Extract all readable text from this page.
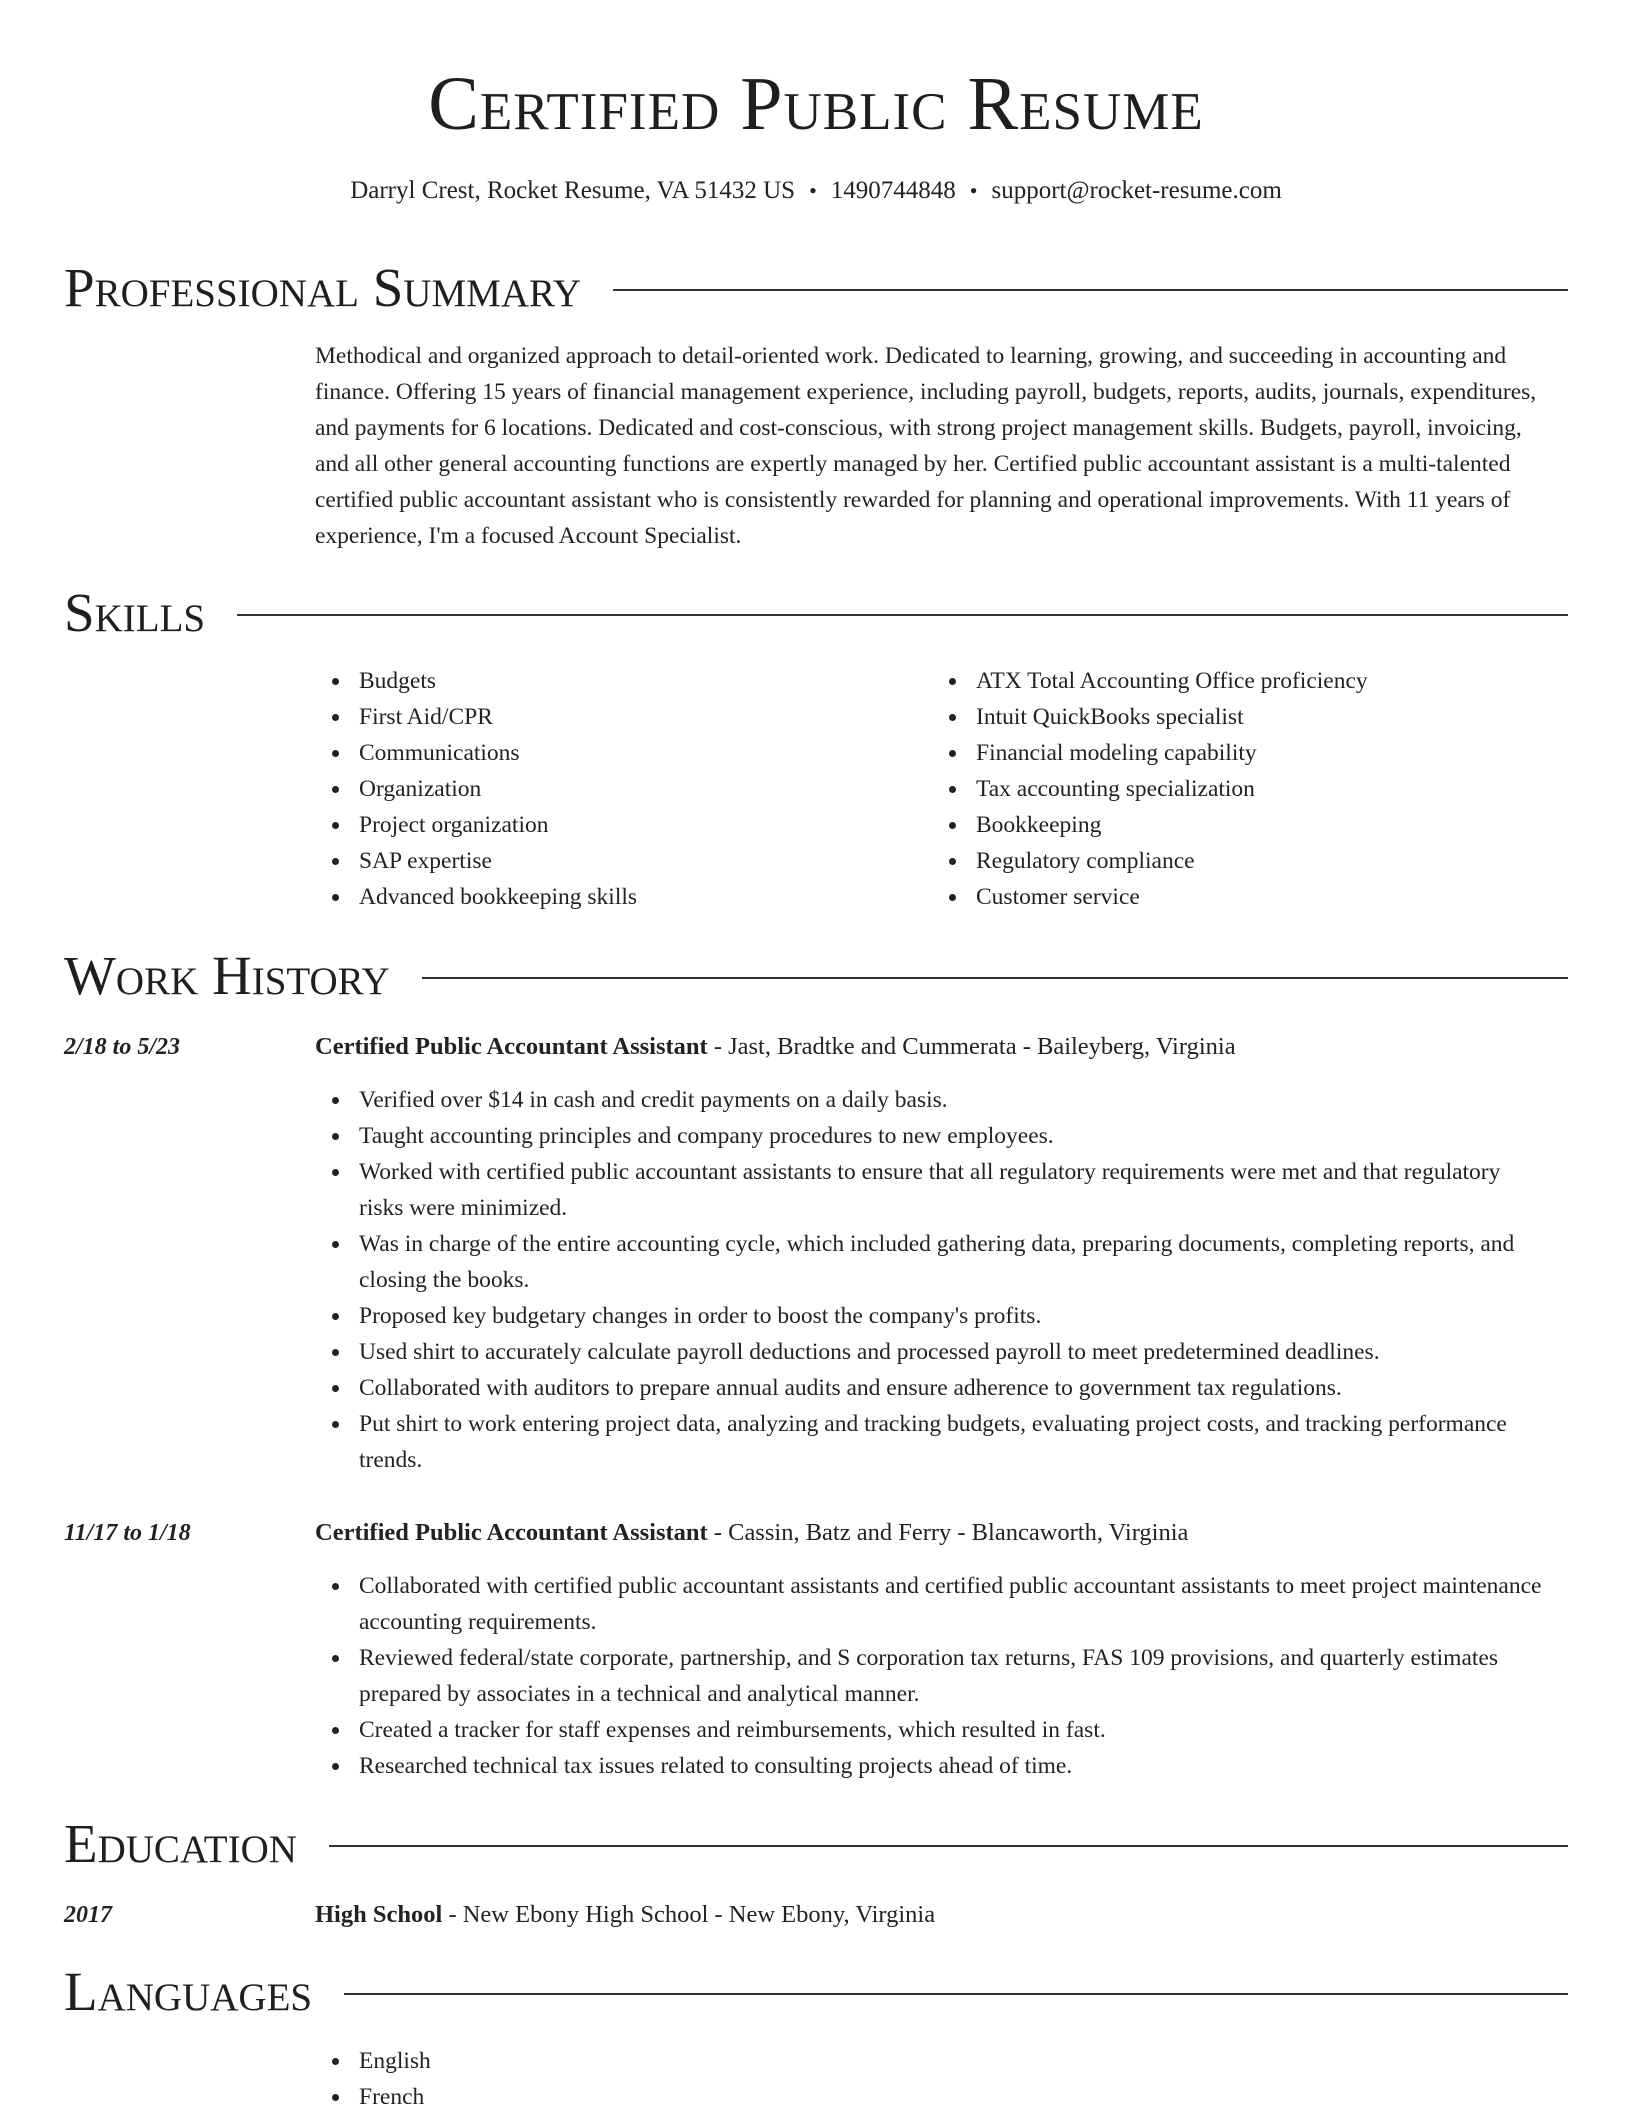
Certified Public Resume
Darryl Crest, Rocket Resume, VA 51432 US • 1490744848 • support@rocket-resume.com
Professional Summary
Methodical and organized approach to detail-oriented work. Dedicated to learning, growing, and succeeding in accounting and finance. Offering 15 years of financial management experience, including payroll, budgets, reports, audits, journals, expenditures, and payments for 6 locations. Dedicated and cost-conscious, with strong project management skills. Budgets, payroll, invoicing, and all other general accounting functions are expertly managed by her. Certified public accountant assistant is a multi-talented certified public accountant assistant who is consistently rewarded for planning and operational improvements. With 11 years of experience, I'm a focused Account Specialist.
Skills
Budgets
First Aid/CPR
Communications
Organization
Project organization
SAP expertise
Advanced bookkeeping skills
ATX Total Accounting Office proficiency
Intuit QuickBooks specialist
Financial modeling capability
Tax accounting specialization
Bookkeeping
Regulatory compliance
Customer service
Work History
2/18 to 5/23	Certified Public Accountant Assistant - Jast, Bradtke and Cummerata - Baileyberg, Virginia
Verified over $14 in cash and credit payments on a daily basis.
Taught accounting principles and company procedures to new employees.
Worked with certified public accountant assistants to ensure that all regulatory requirements were met and that regulatory risks were minimized.
Was in charge of the entire accounting cycle, which included gathering data, preparing documents, completing reports, and closing the books.
Proposed key budgetary changes in order to boost the company's profits.
Used shirt to accurately calculate payroll deductions and processed payroll to meet predetermined deadlines.
Collaborated with auditors to prepare annual audits and ensure adherence to government tax regulations.
Put shirt to work entering project data, analyzing and tracking budgets, evaluating project costs, and tracking performance trends.
11/17 to 1/18	Certified Public Accountant Assistant - Cassin, Batz and Ferry - Blancaworth, Virginia
Collaborated with certified public accountant assistants and certified public accountant assistants to meet project maintenance accounting requirements.
Reviewed federal/state corporate, partnership, and S corporation tax returns, FAS 109 provisions, and quarterly estimates prepared by associates in a technical and analytical manner.
Created a tracker for staff expenses and reimbursements, which resulted in fast.
Researched technical tax issues related to consulting projects ahead of time.
Education
2017	High School - New Ebony High School - New Ebony, Virginia
Languages
English
French
